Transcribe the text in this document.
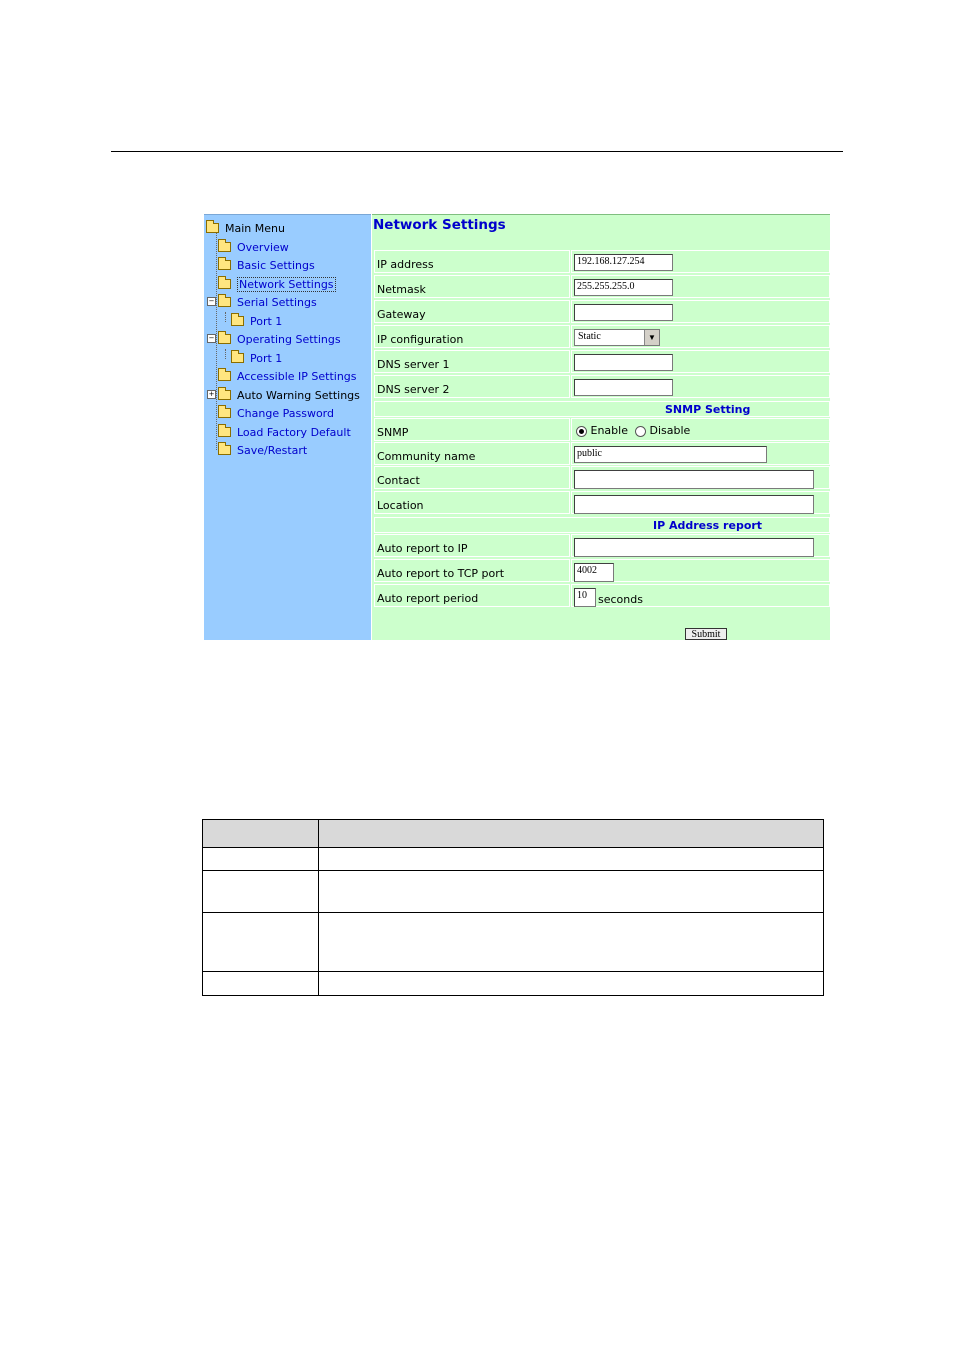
Main Menu
Overview
Basic Settings
Network Settings
− Serial Settings
Port 1
− Operating Settings
Port 1
Accessible IP Settings
+ Auto Warning Settings
Change Password
Load Factory Default
Save/Restart
Network Settings
IP address	192.168.127.254
Netmask	255.255.255.0
Gateway
IP configuration	Static	▼
DNS server 1
DNS server 2
SNMP Setting
SNMP	Enable Disable
Community name	public
Contact
Location
IP Address report
Auto report to IP
Auto report to TCP port	4002
Auto report period	10	seconds
Submit
